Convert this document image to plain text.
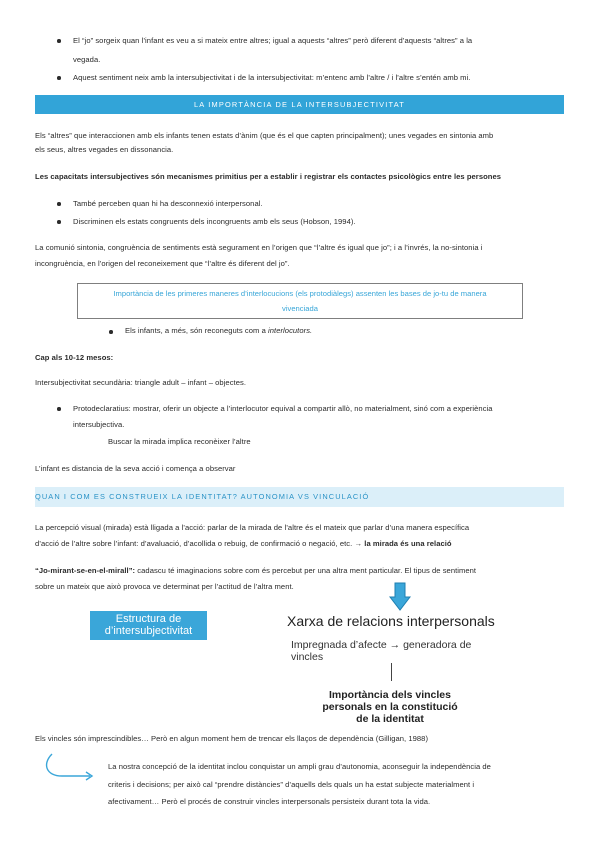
El “jo” sorgeix quan l’infant es veu a si mateix entre altres; igual a aquests “altres” però diferent d’aquests “altres” a la
vegada.
Aquest sentiment neix amb la intersubjectivitat i de la intersubjectivitat: m’entenc amb l’altre / i l’altre s’entén amb mi.
LA IMPORTÀNCIA DE LA INTERSUBJECTIVITAT
Els “altres” que interaccionen amb els infants tenen estats d’ànim (que és el que capten principalment); unes vegades en sintonia amb
els seus, altres vegades en dissonancia.
Les capacitats intersubjectives són mecanismes primitius per a establir i registrar els contactes psicològics entre les persones
També perceben quan hi ha desconnexió interpersonal.
Discriminen els estats congruents dels incongruents amb els seus (Hobson, 1994).
La comunió sintonia, congruència de sentiments està segurament en l’origen que “l’altre és igual que jo”; i a l’invrés, la no-sintonia i
incongruència, en l’origen del reconeixement que “l’altre és diferent del jo”.
Importància de les primeres maneres d’interlocucions (els protodiàlegs) assenten les bases de jo-tu de manera
vivenciada
Els infants, a més, són reconeguts com a interlocutors.
Cap als 10-12 mesos:
Intersubjectivitat secundària: triangle adult – infant – objectes.
Protodeclaratius: mostrar, oferir un objecte a l’interlocutor equival a compartir allò, no materialment, sinó com a experiència
intersubjectiva.
Buscar la mirada implica reconèixer l’altre
L’infant es distancia de la seva acció i comença a observar
QUAN I COM ES CONSTRUEIX LA IDENTITAT? AUTONOMIA VS VINCULACIÓ
La percepció visual (mirada) està lligada a l’acció: parlar de la mirada de l’altre és el mateix que parlar d’una manera específica
d’acció de l’altre sobre l’infant: d’avaluació, d’acollida o rebuig, de confirmació o negació, etc. → la mirada és una relació
“Jo-mirant-se-en-el-mirall”: cadascu té imaginacions sobre com és percebut per una altra ment particular. El tipus de sentiment
sobre un mateix que això provoca ve determinat per l’actitud de l’altra ment.
Estructura de
d’intersubjectivitat
Xarxa de relacions interpersonals
Impregnada d’afecte → generadora de
vincles
Importància dels vincles personals en la constitució de la identitat
Els vincles són imprescindibles… Però en algun moment hem de trencar els llaços de dependència (Gilligan, 1988)
La nostra concepció de la identitat inclou conquistar un ampli grau d’autonomia, aconseguir la independència de
criteris i decisions; per això cal “prendre distàncies” d’aquells dels quals un ha estat subjecte materialment i
afectivament… Però el procés de construir vincles interpersonals persisteix durant tota la vida.
